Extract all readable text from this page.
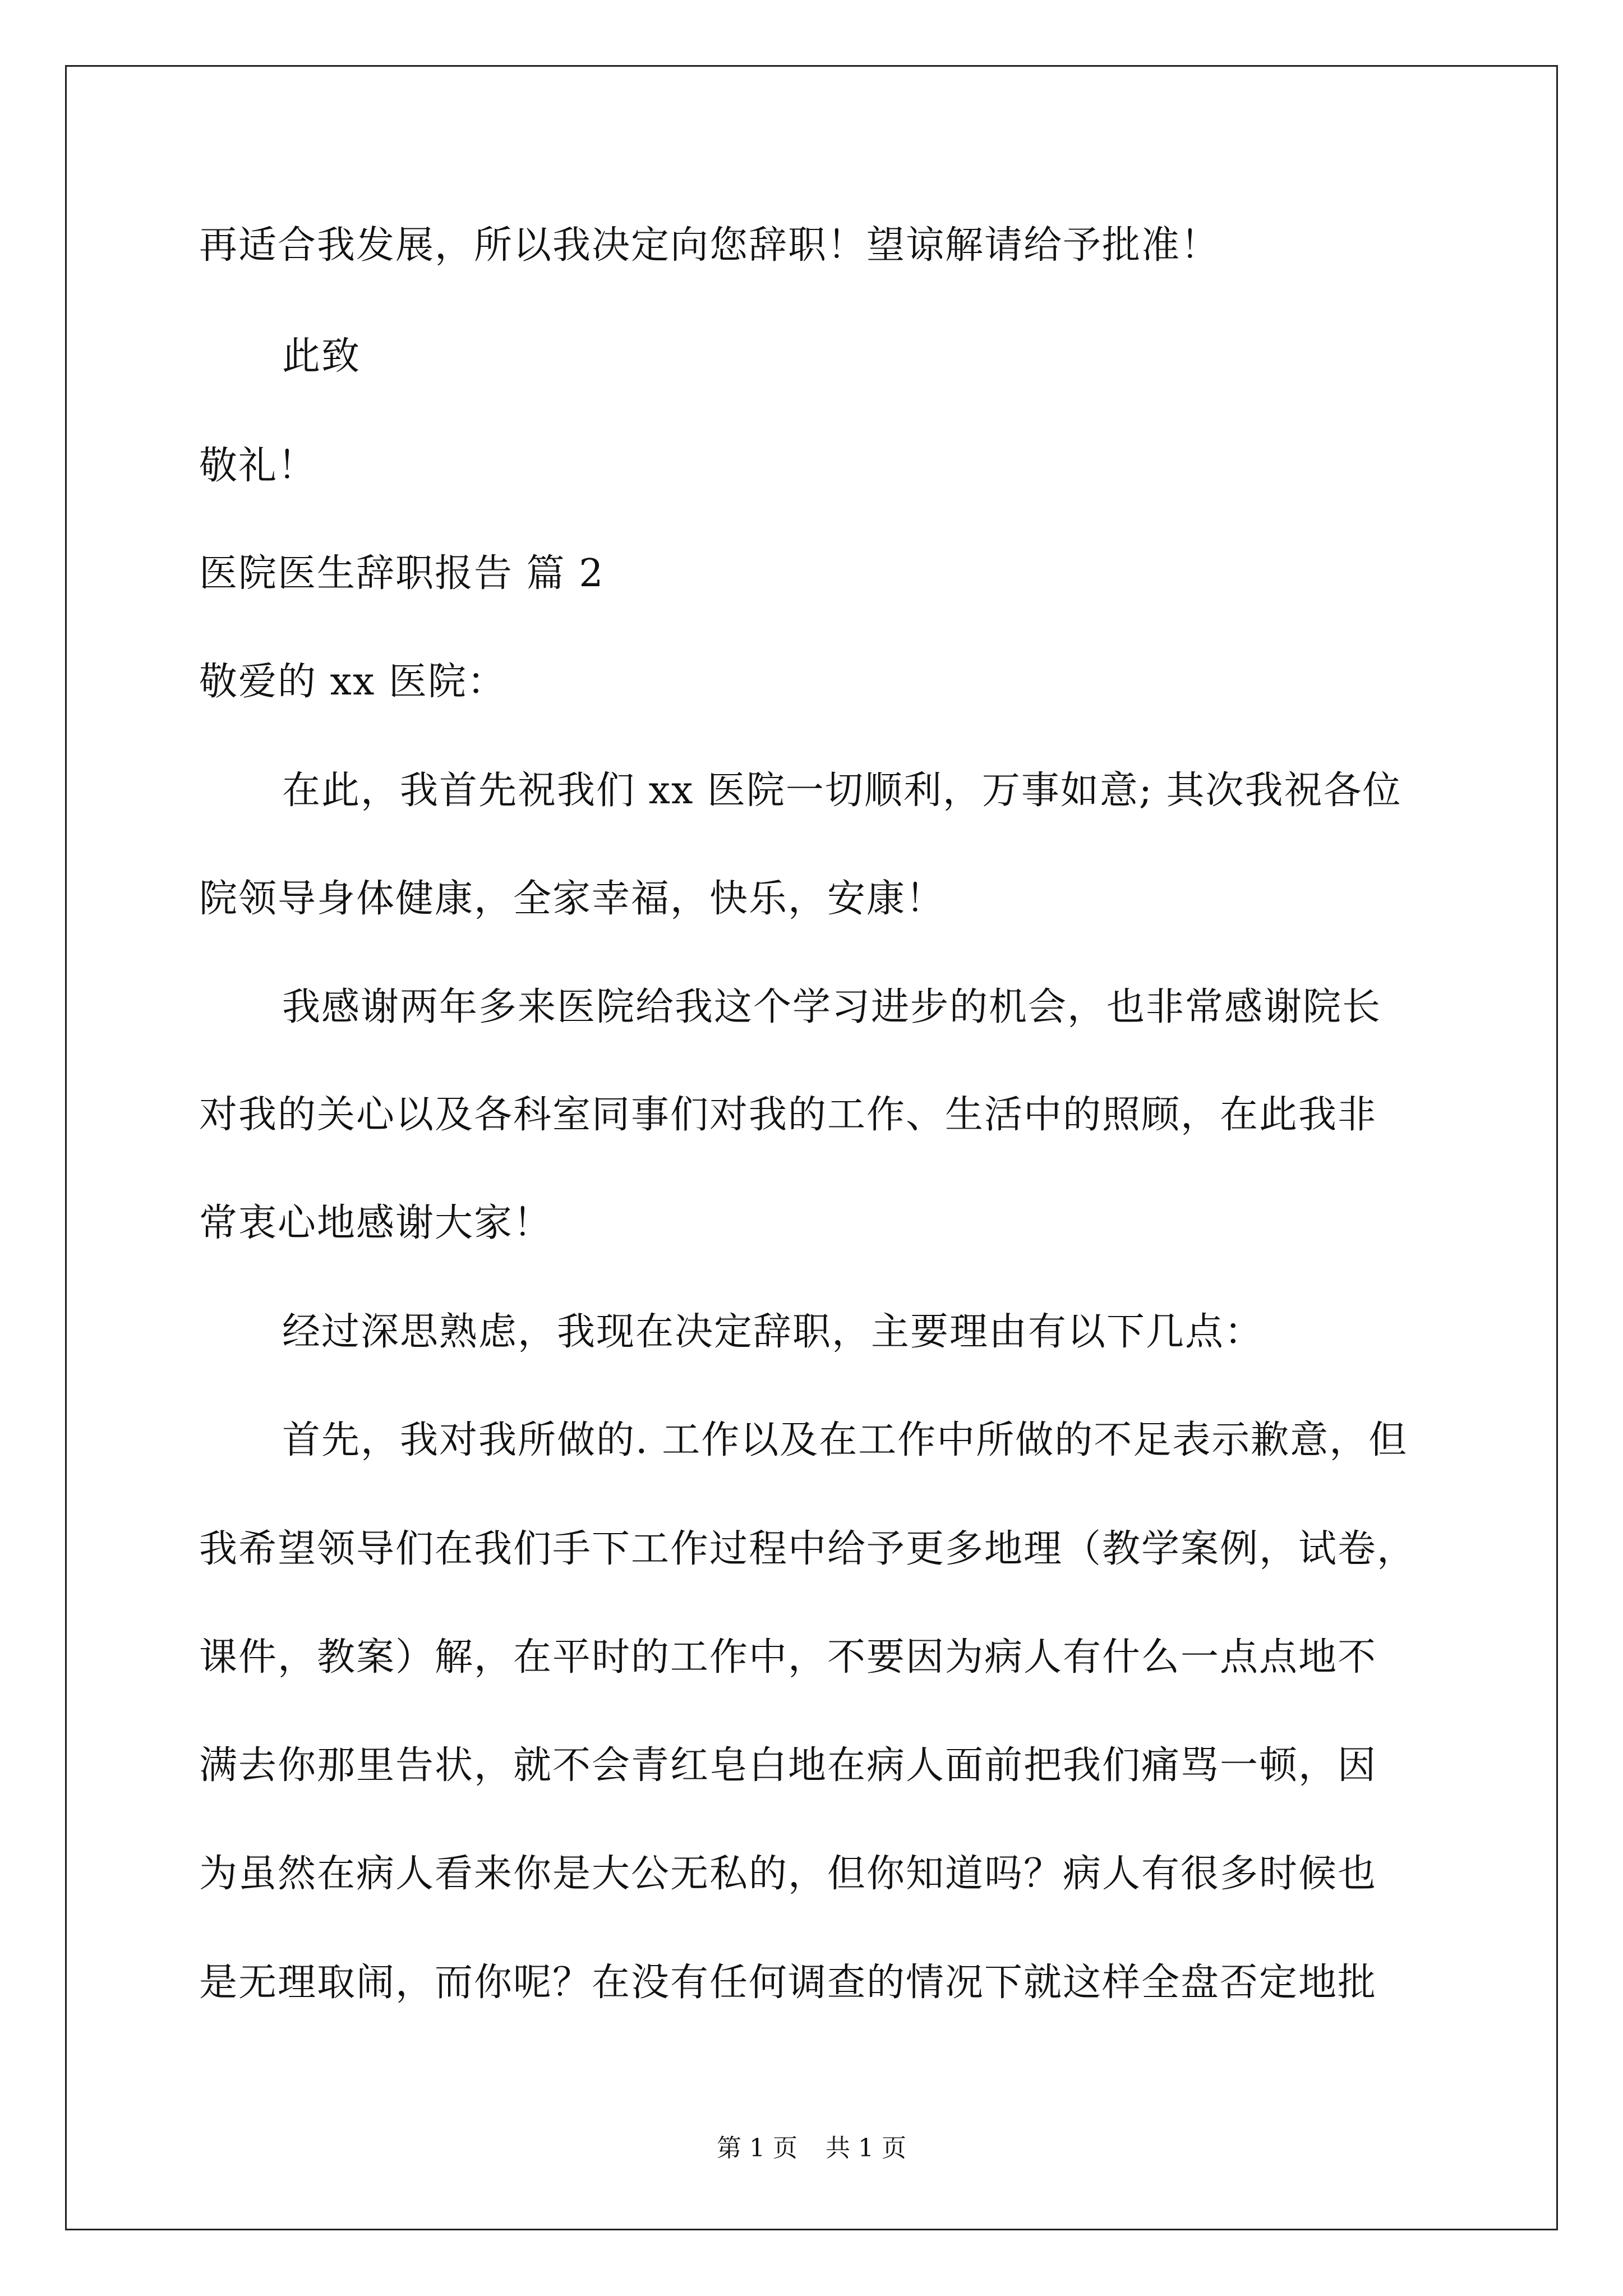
再适合我发展，所以我决定向您辞职！望谅解请给予批准！
此致
敬礼！
医院医生辞职报告 篇 2
敬爱的 xx 医院：
在此，我首先祝我们 xx 医院一切顺利，万事如意; 其次我祝各位
院领导身体健康，全家幸福，快乐，安康！
我感谢两年多来医院给我这个学习进步的机会，也非常感谢院长
对我的关心以及各科室同事们对我的工作、生活中的照顾，在此我非
常衷心地感谢大家！
经过深思熟虑，我现在决定辞职，主要理由有以下几点：
首先，我对我所做的. 工作以及在工作中所做的不足表示歉意，但
我希望领导们在我们手下工作过程中给予更多地理（教学案例，试卷，
课件，教案）解，在平时的工作中，不要因为病人有什么一点点地不
满去你那里告状，就不会青红皂白地在病人面前把我们痛骂一顿，因
为虽然在病人看来你是大公无私的，但你知道吗？病人有很多时候也
是无理取闹，而你呢？在没有任何调查的情况下就这样全盘否定地批
第 1 页 共 1 页
